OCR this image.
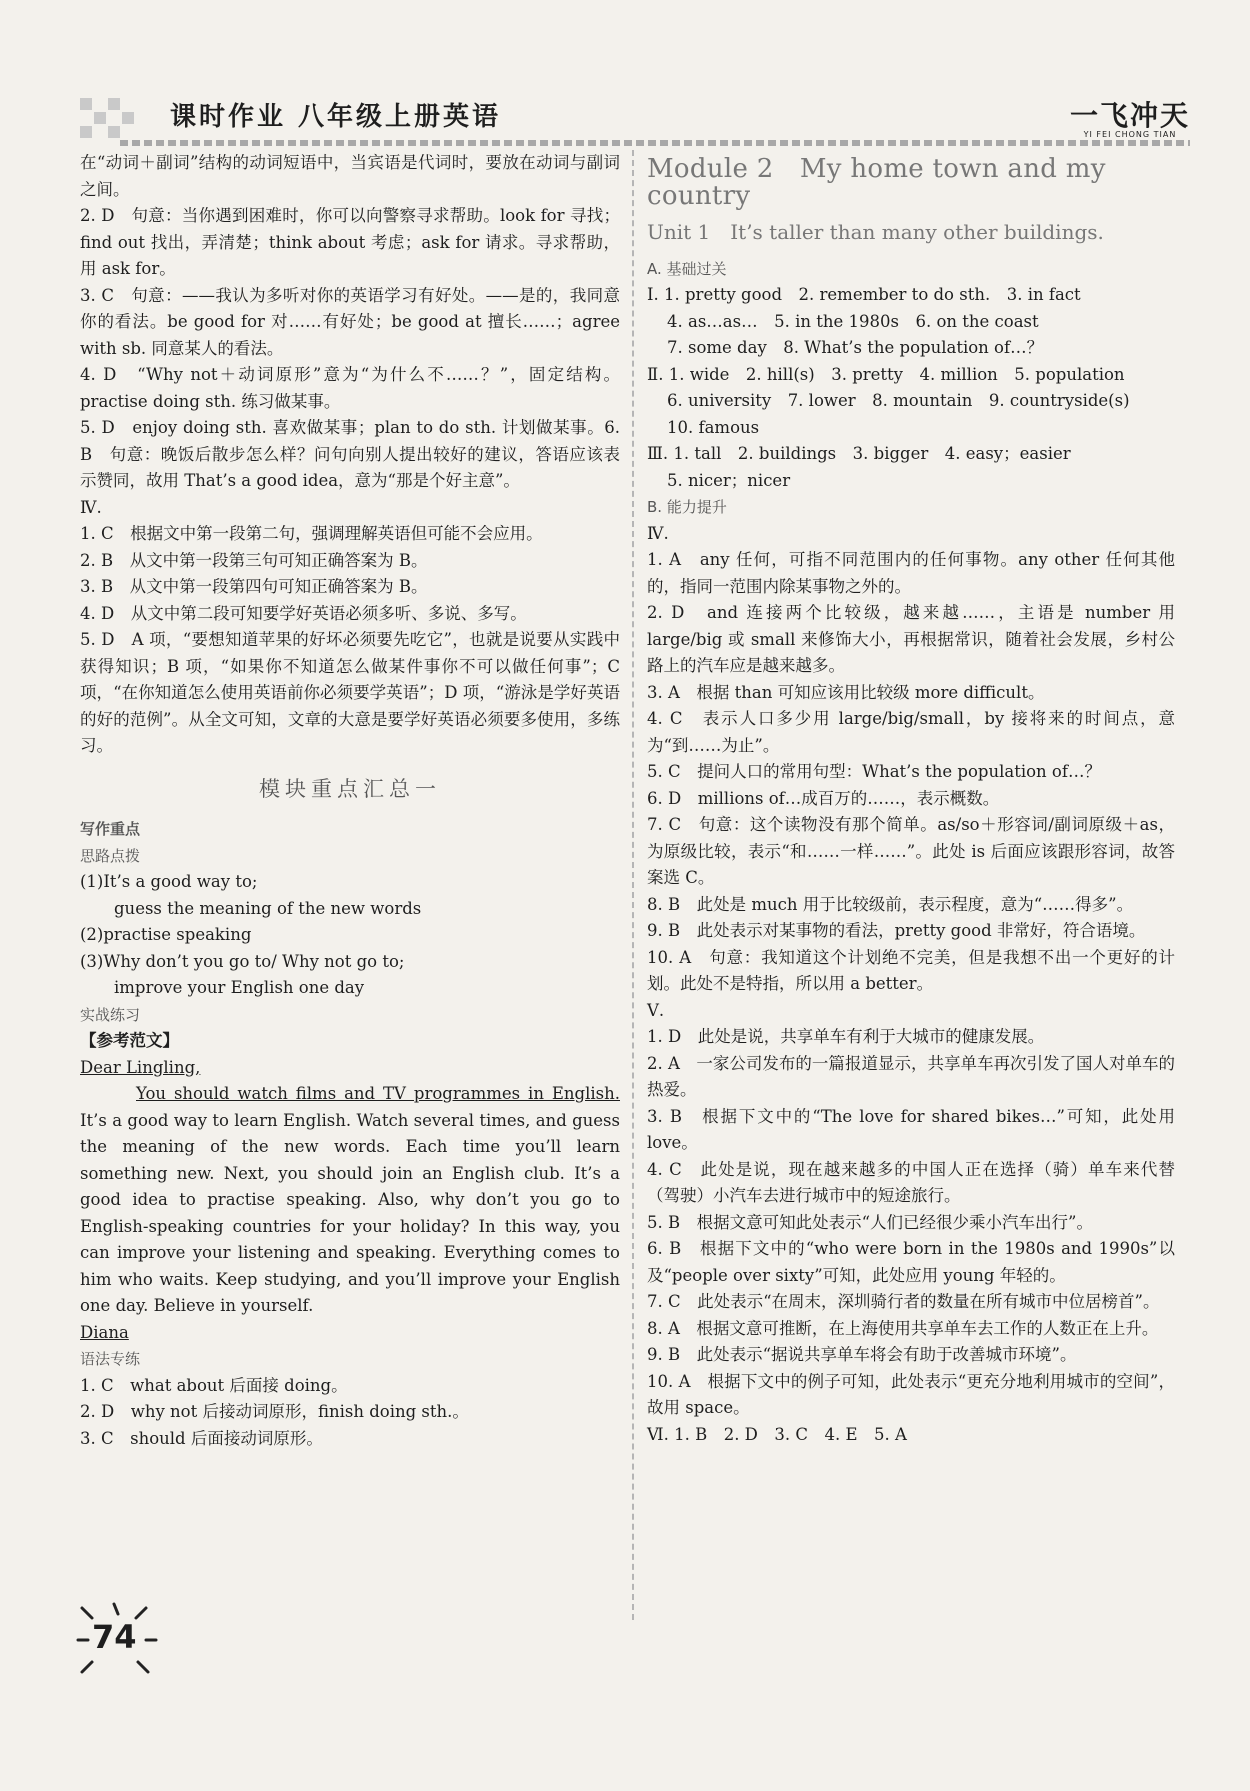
课时作业 八年级上册英语	一飞冲天
YI FEI CHONG TIAN

在“动词＋副词”结构的动词短语中，当宾语是代词时，要放在动词与副词之间。

2. D　句意：当你遇到困难时，你可以向警察寻求帮助。look for 寻找；find out 找出，弄清楚；think about 考虑；ask for 请求。寻求帮助，用 ask for。

3. C　句意：——我认为多听对你的英语学习有好处。——是的，我同意你的看法。be good for 对……有好处；be good at 擅长……；agree with sb. 同意某人的看法。

4. D　“Why not＋动词原形”意为“为什么不……？”，固定结构。practise doing sth. 练习做某事。

5. D　enjoy doing sth. 喜欢做某事；plan to do sth. 计划做某事。6. B　句意：晚饭后散步怎么样？问句向别人提出较好的建议，答语应该表示赞同，故用 That’s a good idea，意为“那是个好主意”。

Ⅳ.

1. C　根据文中第一段第二句，强调理解英语但可能不会应用。

2. B　从文中第一段第三句可知正确答案为 B。

3. B　从文中第一段第四句可知正确答案为 B。

4. D　从文中第二段可知要学好英语必须多听、多说、多写。

5. D　A 项，“要想知道苹果的好坏必须要先吃它”，也就是说要从实践中获得知识；B 项，“如果你不知道怎么做某件事你不可以做任何事”；C 项，“在你知道怎么使用英语前你必须要学英语”；D 项，“游泳是学好英语的好的范例”。从全文可知，文章的大意是要学好英语必须要多使用，多练习。

模块重点汇总一

写作重点

思路点拨

(1)It’s a good way to;

guess the meaning of the new words

(2)practise speaking

(3)Why don’t you go to/ Why not go to;

improve your English one day

实战练习

【参考范文】

Dear Lingling,

You should watch films and TV programmes in English. It’s a good way to learn English. Watch several times, and guess the meaning of the new words. Each time you’ll learn something new. Next, you should join an English club. It’s a good idea to practise speaking. Also, why don’t you go to English-speaking countries for your holiday? In this way, you can improve your listening and speaking. Everything comes to him who waits. Keep studying, and you’ll improve your English one day. Believe in yourself.

Diana

语法专练

1. C　what about 后面接 doing。

2. D　why not 后接动词原形，finish doing sth.。

3. C　should 后面接动词原形。

Module 2　My home town and my country
Unit 1　It’s taller than many other buildings.

A. 基础过关

Ⅰ. 1. pretty good　2. remember to do sth.　3. in fact

4. as…as…　5. in the 1980s　6. on the coast

7. some day　8. What’s the population of…？

Ⅱ. 1. wide　2. hill(s)　3. pretty　4. million　5. population

6. university　7. lower　8. mountain　9. countryside(s)

10. famous

Ⅲ. 1. tall　2. buildings　3. bigger　4. easy；easier

5. nicer；nicer

B. 能力提升

Ⅳ.

1. A　any 任何，可指不同范围内的任何事物。any other 任何其他的，指同一范围内除某事物之外的。

2. D　and 连接两个比较级，越来越……，主语是 number 用 large/big 或 small 来修饰大小，再根据常识，随着社会发展，乡村公路上的汽车应是越来越多。

3. A　根据 than 可知应该用比较级 more difficult。

4. C　表示人口多少用 large/big/small，by 接将来的时间点，意为“到……为止”。

5. C　提问人口的常用句型：What’s the population of…？

6. D　millions of…成百万的……，表示概数。

7. C　句意：这个读物没有那个简单。as/so＋形容词/副词原级＋as，为原级比较，表示“和……一样……”。此处 is 后面应该跟形容词，故答案选 C。

8. B　此处是 much 用于比较级前，表示程度，意为“……得多”。

9. B　此处表示对某事物的看法，pretty good 非常好，符合语境。

10. A　句意：我知道这个计划绝不完美，但是我想不出一个更好的计划。此处不是特指，所以用 a better。

Ⅴ.

1. D　此处是说，共享单车有利于大城市的健康发展。

2. A　一家公司发布的一篇报道显示，共享单车再次引发了国人对单车的热爱。

3. B　根据下文中的“The love for shared bikes…”可知，此处用 love。

4. C　此处是说，现在越来越多的中国人正在选择（骑）单车来代替（驾驶）小汽车去进行城市中的短途旅行。

5. B　根据文意可知此处表示“人们已经很少乘小汽车出行”。

6. B　根据下文中的“who were born in the 1980s and 1990s”以及“people over sixty”可知，此处应用 young 年轻的。

7. C　此处表示“在周末，深圳骑行者的数量在所有城市中位居榜首”。

8. A　根据文意可推断，在上海使用共享单车去工作的人数正在上升。

9. B　此处表示“据说共享单车将会有助于改善城市环境”。

10. A　根据下文中的例子可知，此处表示“更充分地利用城市的空间”，故用 space。

Ⅵ. 1. B　2. D　3. C　4. E　5. A

74
